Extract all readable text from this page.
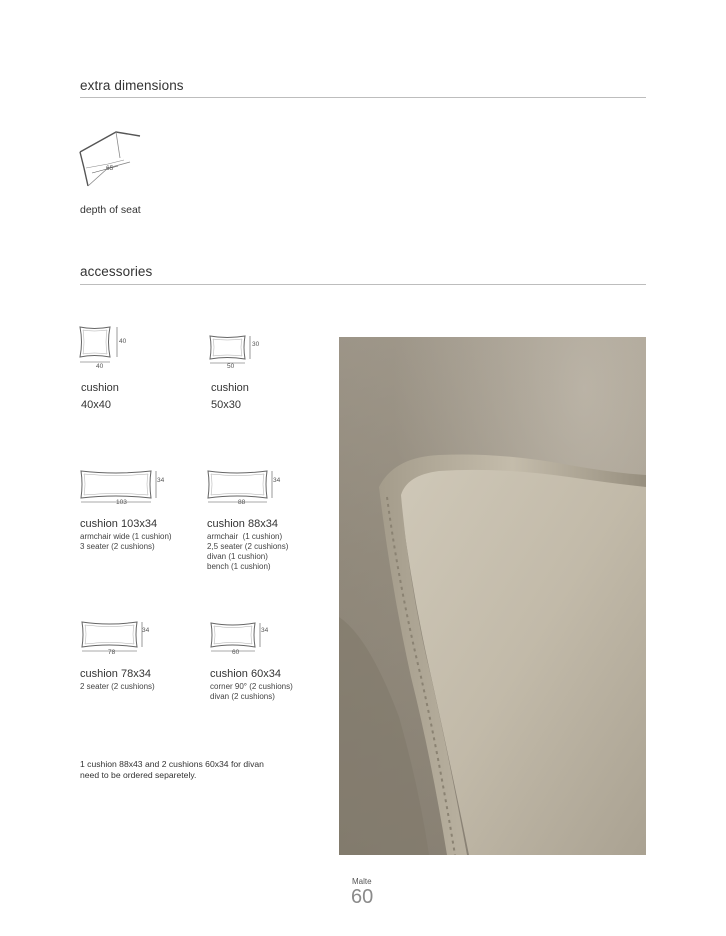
extra dimensions
65
depth of seat
accessories
40
40
cushion
40x40
30
50
cushion
50x30
34
103
cushion 103x34
armchair wide (1 cushion)
3 seater (2 cushions)
34
88
cushion 88x34
armchair  (1 cushion)
2,5 seater (2 cushions)
divan (1 cushion)
bench (1 cushion)
34
78
cushion 78x34
2 seater (2 cushions)
34
60
cushion 60x34
corner 90° (2 cushions)
divan (2 cushions)
1 cushion 88x43 and 2 cushions 60x34 for divan
need to be ordered separetely.
Malte
60
